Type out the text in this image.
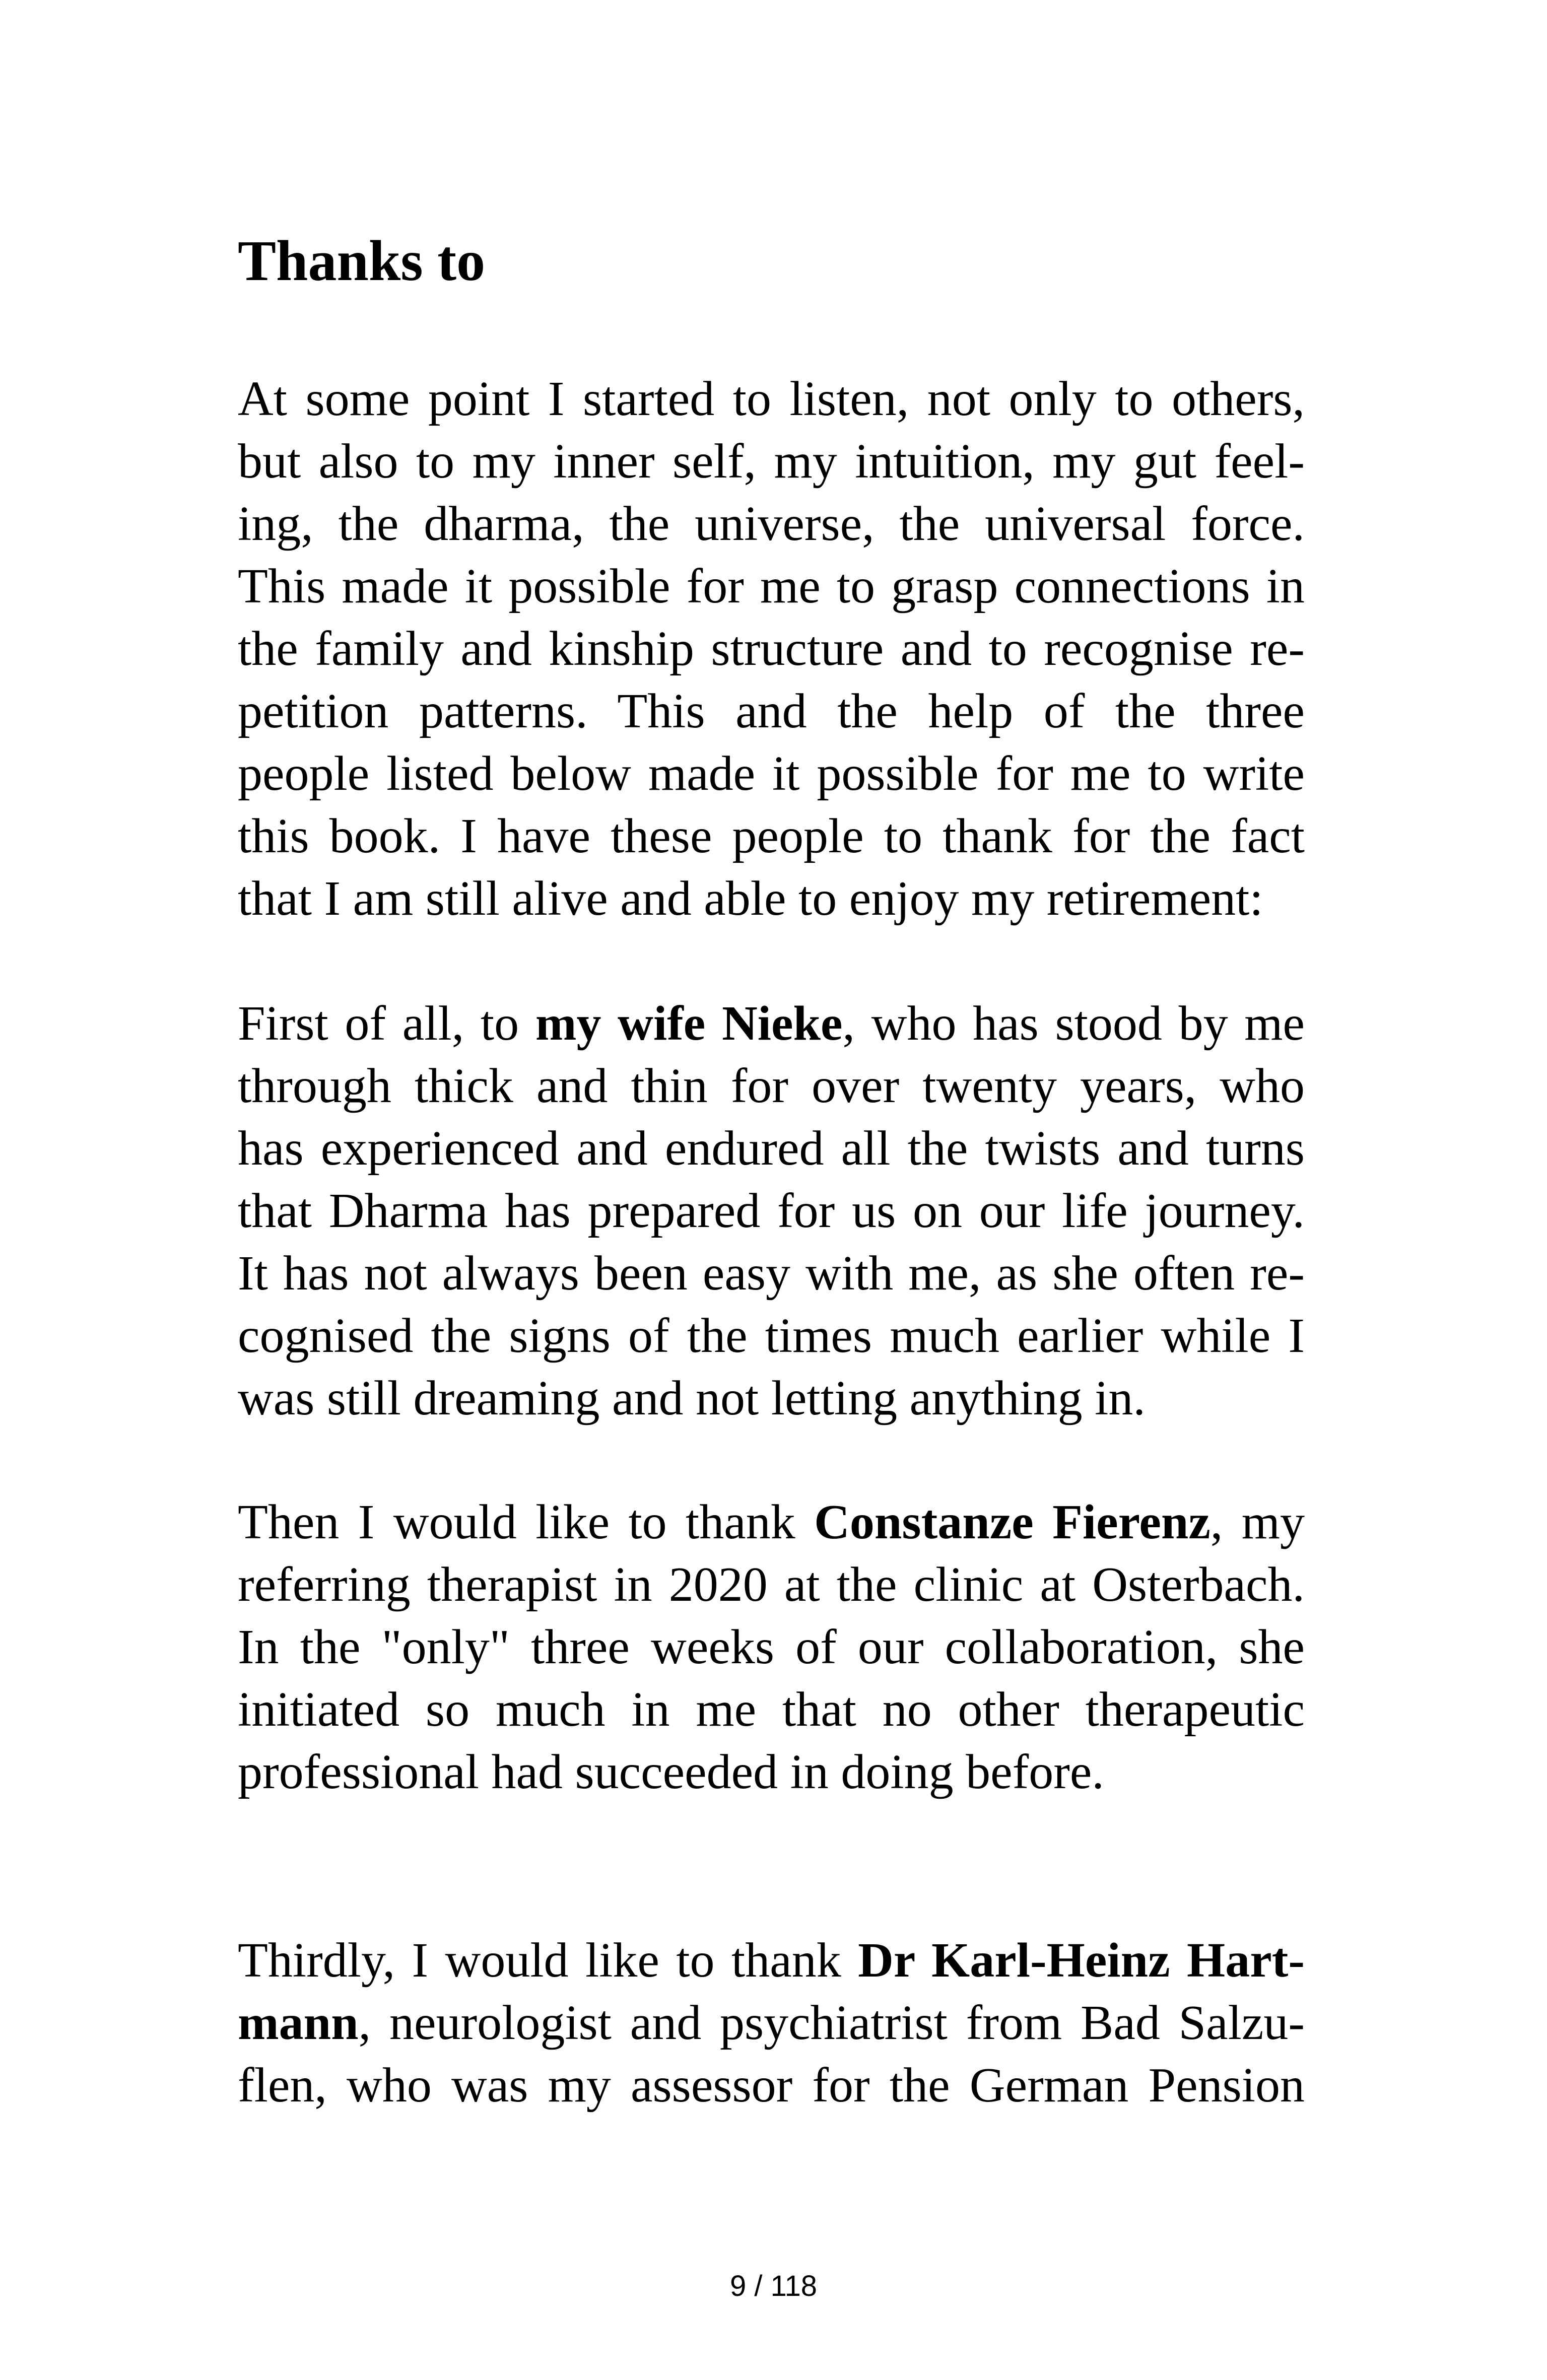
Thanks to

At some point I started to listen, not only to others,
but also to my inner self, my intuition, my gut feel-
ing, the dharma, the universe, the universal force.
This made it possible for me to grasp connections in
the family and kinship structure and to recognise re-
petition patterns. This and the help of the three
people listed below made it possible for me to write
this book. I have these people to thank for the fact
that I am still alive and able to enjoy my retirement:

First of all, to my wife Nieke, who has stood by me
through thick and thin for over twenty years, who
has experienced and endured all the twists and turns
that Dharma has prepared for us on our life journey.
It has not always been easy with me, as she often re-
cognised the signs of the times much earlier while I
was still dreaming and not letting anything in.

Then I would like to thank Constanze Fierenz, my
referring therapist in 2020 at the clinic at Osterbach.
In the "only" three weeks of our collaboration, she
initiated so much in me that no other therapeutic
professional had succeeded in doing before.

Thirdly, I would like to thank Dr Karl-Heinz Hart-
mann, neurologist and psychiatrist from Bad Salzu-
flen, who was my assessor for the German Pension

9 / 118
